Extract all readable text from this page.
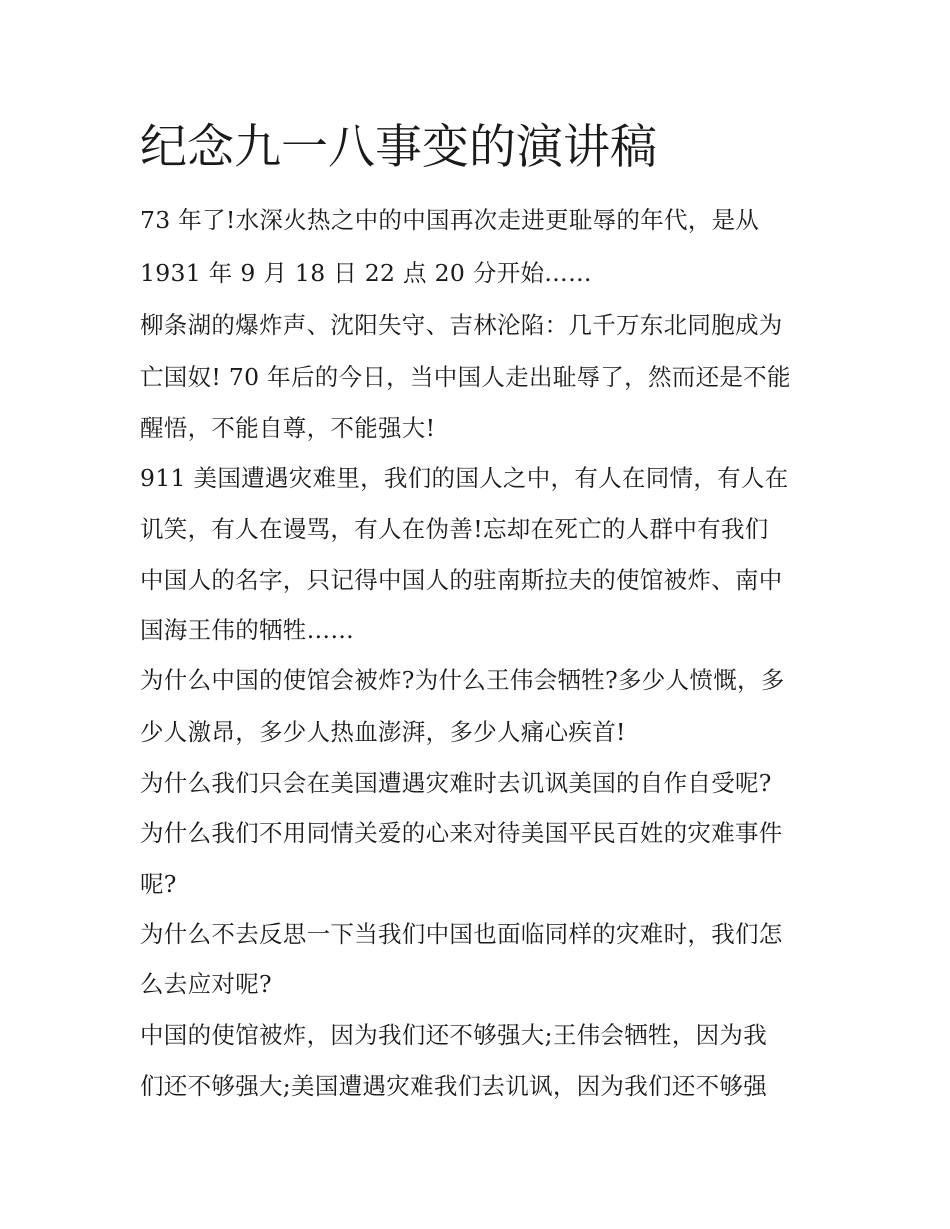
纪念九一八事变的演讲稿

73 年了!水深火热之中的中国再次走进更耻辱的年代，是从

1931 年 9 月 18 日 22 点 20 分开始……

柳条湖的爆炸声、沈阳失守、吉林沦陷：几千万东北同胞成为

亡国奴! 70 年后的今日，当中国人走出耻辱了，然而还是不能

醒悟，不能自尊，不能强大!

911 美国遭遇灾难里，我们的国人之中，有人在同情，有人在

讥笑，有人在谩骂，有人在伪善!忘却在死亡的人群中有我们

中国人的名字，只记得中国人的驻南斯拉夫的使馆被炸、南中

国海王伟的牺牲……

为什么中国的使馆会被炸?为什么王伟会牺牲?多少人愤慨，多

少人激昂，多少人热血澎湃，多少人痛心疾首!

为什么我们只会在美国遭遇灾难时去讥讽美国的自作自受呢?

为什么我们不用同情关爱的心来对待美国平民百姓的灾难事件

呢?

为什么不去反思一下当我们中国也面临同样的灾难时，我们怎

么去应对呢?

中国的使馆被炸，因为我们还不够强大;王伟会牺牲，因为我

们还不够强大;美国遭遇灾难我们去讥讽，因为我们还不够强
